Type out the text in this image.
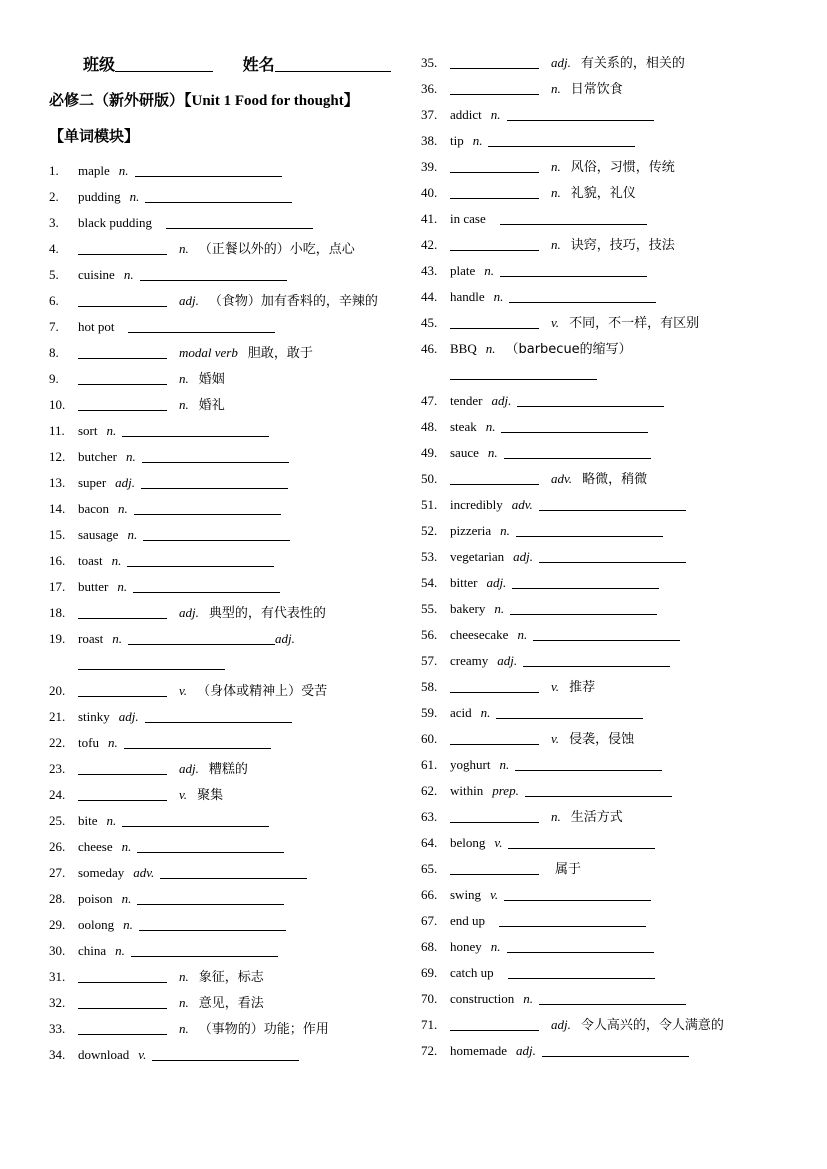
班级	姓名
必修二（新外研版）【Unit 1 Food for thought】
【单词模块】
1.	maple n.
2.	pudding n.
3.	black pudding
4.	n. （正餐以外的）小吃，点心
5.	cuisine n.
6.	adj. （食物）加有香料的，辛辣的
7.	hot pot
8.	modal verb 胆敢，敢于
9.	n. 婚姻
10.	n. 婚礼
11.	sort n.
12. butcher n.
13. super adj.
14. bacon n.
15. sausage n.
16. toast n.
17. butter n.
18.	adj. 典型的，有代表性的
19. roast n.	adj.
20.	v. （身体或精神上）受苦
21. stinky adj.
22. tofu n.
23.	adj. 糟糕的
24.	v. 聚集
25. bite n.
26. cheese n.
27. someday adv.
28. poison n.
29. oolong n.
30. china n.
31.	n. 象征，标志
32.	n. 意见，看法
33.	n. （事物的）功能；作用
34. download v.
35.	adj. 有关系的，相关的
36.	n. 日常饮食
37. addict n.
38. tip n.
39.	n. 风俗，习惯，传统
40.	n. 礼貌，礼仪
41. in case
42.	n. 诀窍，技巧，技法
43. plate n.
44. handle n.
45.	v. 不同，不一样，有区别
46. BBQ n. （barbecue的缩写）
47. tender adj.
48. steak n.
49. sauce n.
50.	adv. 略微，稍微
51. incredibly adv.
52. pizzeria n.
53. vegetarian adj.
54. bitter adj.
55. bakery n.
56. cheesecake n.
57. creamy adj.
58.	v. 推荐
59. acid n.
60.	v. 侵袭，侵蚀
61. yoghurt n.
62. within prep.
63.	n. 生活方式
64. belong v.
65.	属于
66. swing v.
67. end up
68. honey n.
69. catch up
70. construction n.
71.	adj. 令人高兴的，令人满意的
72. homemade adj.
